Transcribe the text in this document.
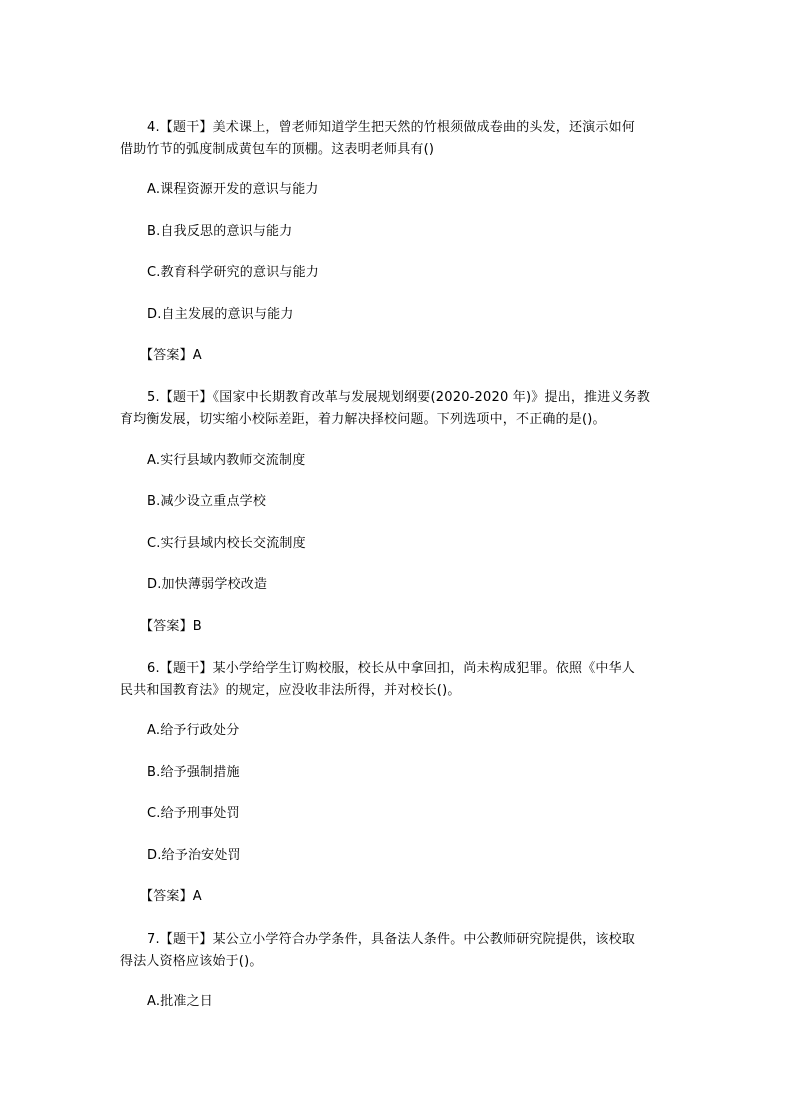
4.【题干】美术课上，曾老师知道学生把天然的竹根须做成卷曲的头发，还演示如何
借助竹节的弧度制成黄包车的顶棚。这表明老师具有()
A.课程资源开发的意识与能力
B.自我反思的意识与能力
C.教育科学研究的意识与能力
D.自主发展的意识与能力
【答案】A
5.【题干】《国家中长期教育改革与发展规划纲要(2020-2020 年)》提出，推进义务教
育均衡发展，切实缩小校际差距，着力解决择校问题。下列选项中，不正确的是()。
A.实行县域内教师交流制度
B.减少设立重点学校
C.实行县域内校长交流制度
D.加快薄弱学校改造
【答案】B
6.【题干】某小学给学生订购校服，校长从中拿回扣，尚未构成犯罪。依照《中华人
民共和国教育法》的规定，应没收非法所得，并对校长()。
A.给予行政处分
B.给予强制措施
C.给予刑事处罚
D.给予治安处罚
【答案】A
7.【题干】某公立小学符合办学条件，具备法人条件。中公教师研究院提供，该校取
得法人资格应该始于()。
A.批准之日
